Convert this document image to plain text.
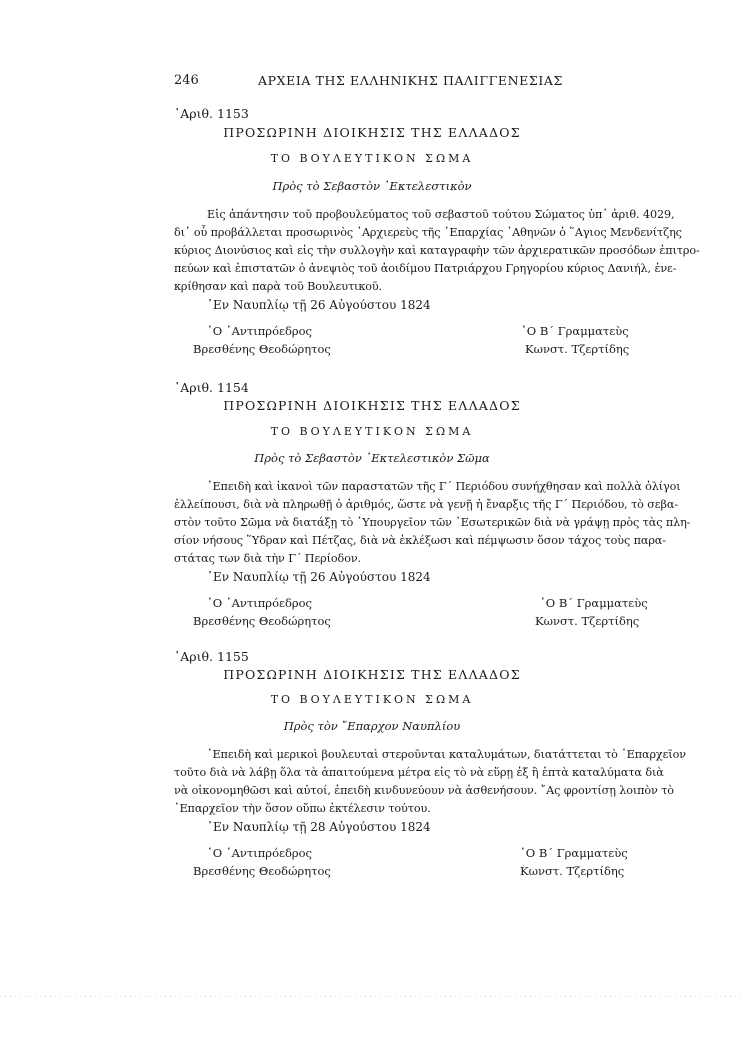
246	ΑΡΧΕΙΑ ΤΗΣ ΕΛΛΗΝΙΚΗΣ ΠΑΛΙΓΓΕΝΕΣΙΑΣ
᾿Αριθ. 1153
ΠΡΟΣΩΡΙΝΗ ΔΙΟΙΚΗΣΙΣ ΤΗΣ ΕΛΛΑΔΟΣ
ΤΟ ΒΟΥΛΕΥΤΙΚΟΝ ΣΩΜΑ
Πρὸς τὸ Σεβαστὸν ᾿Εκτελεστικὸν
Εἰς ἀπάντησιν τοῦ προβουλεύματος τοῦ σεβαστοῦ τούτου Σώματος ὑπ᾿ ἀριθ. 4029,
δι᾿ οὗ προβάλλεται προσωρινὸς ᾿Αρχιερεὺς τῆς ᾿Επαρχίας ᾿Αθηνῶν ὁ ῞Αγιος Μενδενίτζης
κύριος Διονύσιος καὶ εἰς τὴν συλλογὴν καὶ καταγραφὴν τῶν ἀρχιερατικῶν προσόδων ἐπιτρο-
πεύων καὶ ἐπιστατῶν ὁ ἀνεψιὸς τοῦ ἀοιδίμου Πατριάρχου Γρηγορίου κύριος Δανιήλ, ἐνε-
κρίθησαν καὶ παρὰ τοῦ Βουλευτικοῦ.
᾿Εν Ναυπλίῳ τῇ 26 Αὐγούστου 1824
῾Ο ᾿Αντιπρόεδρος
Βρεσθένης Θεοδώρητος
῾Ο Β΄ Γραμματεὺς
Κωνστ. Τζερτίδης
᾿Αριθ. 1154
ΠΡΟΣΩΡΙΝΗ ΔΙΟΙΚΗΣΙΣ ΤΗΣ ΕΛΛΑΔΟΣ
ΤΟ ΒΟΥΛΕΥΤΙΚΟΝ ΣΩΜΑ
Πρὸς τὸ Σεβαστὸν ᾿Εκτελεστικὸν Σῶμα
᾿Επειδὴ καὶ ἱκανοὶ τῶν παραστατῶν τῆς Γ΄ Περιόδου συνήχθησαν καὶ πολλὰ ὀλίγοι
ἐλλείπουσι, διὰ νὰ πληρωθῇ ὁ ἀριθμός, ὥστε νὰ γενῇ ἡ ἔναρξις τῆς Γ΄ Περιόδου, τὸ σεβα-
στὸν τοῦτο Σῶμα νὰ διατάξῃ τὸ ῾Υπουργεῖον τῶν ᾿Εσωτερικῶν διὰ νὰ γράψῃ πρὸς τὰς πλη-
σίον νήσους ῞Υδραν καὶ Πέτζας, διὰ νὰ ἐκλέξωσι καὶ πέμψωσιν ὅσον τάχος τοὺς παρα-
στάτας των διὰ τὴν Γ΄ Περίοδον.
᾿Εν Ναυπλίῳ τῇ 26 Αὐγούστου 1824
῾Ο ᾿Αντιπρόεδρος
Βρεσθένης Θεοδώρητος
῾Ο Β΄ Γραμματεὺς
Κωνστ. Τζερτίδης
᾿Αριθ. 1155
ΠΡΟΣΩΡΙΝΗ ΔΙΟΙΚΗΣΙΣ ΤΗΣ ΕΛΛΑΔΟΣ
ΤΟ ΒΟΥΛΕΥΤΙΚΟΝ ΣΩΜΑ
Πρὸς τὸν ῎Επαρχον Ναυπλίου
᾿Επειδὴ καὶ μερικοὶ βουλευταὶ στεροῦνται καταλυμάτων, διατάττεται τὸ ᾿Επαρχεῖον
τοῦτο διὰ νὰ λάβῃ ὅλα τὰ ἀπαιτούμενα μέτρα εἰς τὸ νὰ εὕρῃ ἐξ ἢ ἑπτὰ καταλύματα διὰ
νὰ οἰκονομηθῶσι καὶ αὐτοί, ἐπειδὴ κινδυνεύουν νὰ ἀσθενήσουν. ῎Ας φροντίσῃ λοιπὸν τὸ
᾿Επαρχεῖον τὴν ὅσον οὔπω ἐκτέλεσιν τούτου.
᾿Εν Ναυπλίῳ τῇ 28 Αὐγούστου 1824
῾Ο ᾿Αντιπρόεδρος
Βρεσθένης Θεοδώρητος
῾Ο Β΄ Γραμματεὺς
Κωνστ. Τζερτίδης
